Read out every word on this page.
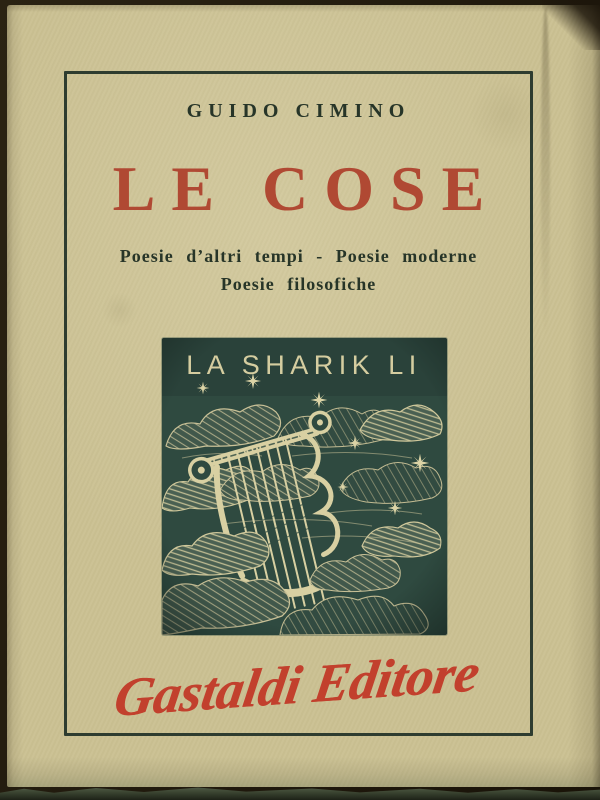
GUIDO CIMINO
LE COSE
Poesie d’altri tempi - Poesie moderne
Poesie filosofiche
LA SHARIK LI
Gastaldi Editore
